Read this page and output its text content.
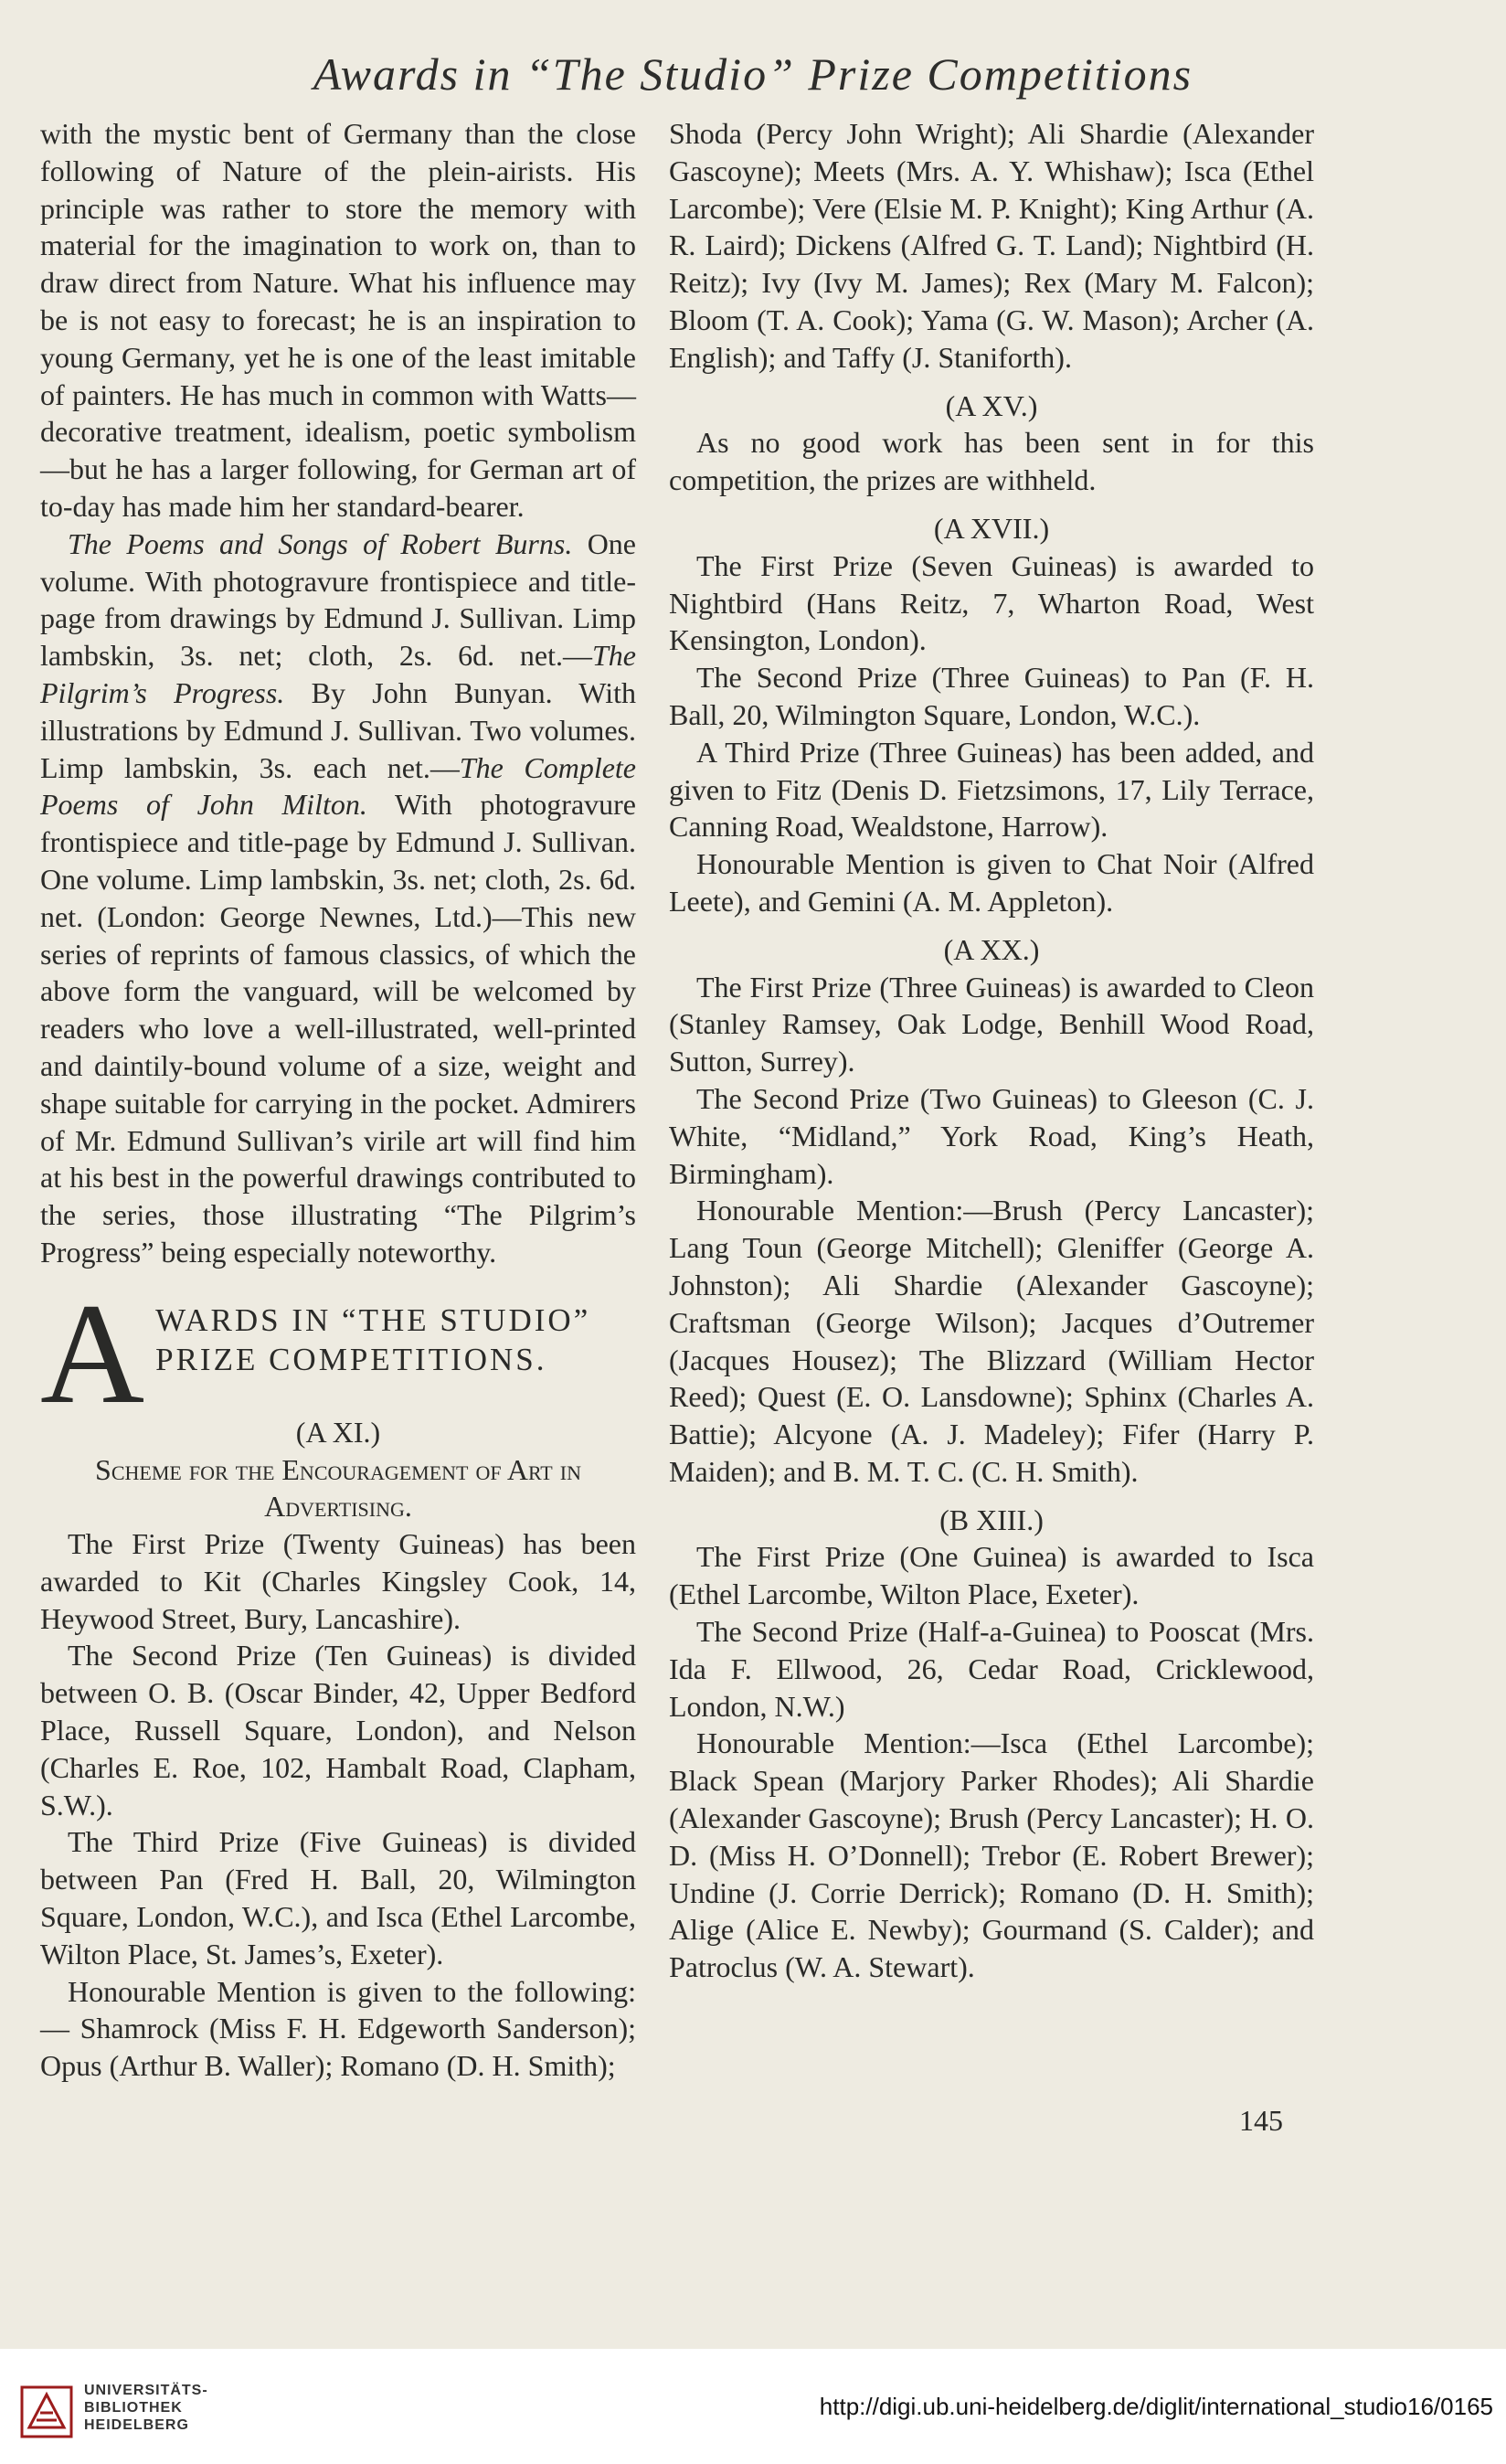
Awards in “The Studio” Prize Competitions

with the mystic bent of Germany than the close following of Nature of the plein-airists. His principle was rather to store the memory with material for the imagination to work on, than to draw direct from Nature. What his influence may be is not easy to forecast; he is an inspiration to young Germany, yet he is one of the least imitable of painters. He has much in common with Watts—decorative treatment, idealism, poetic symbolism—but he has a larger following, for German art of to-day has made him her standard-bearer.

The Poems and Songs of Robert Burns. One volume. With photogravure frontispiece and title-page from drawings by Edmund J. Sullivan. Limp lambskin, 3s. net; cloth, 2s. 6d. net.—The Pilgrim’s Progress. By John Bunyan. With illustrations by Edmund J. Sullivan. Two volumes. Limp lambskin, 3s. each net.—The Complete Poems of John Milton. With photogravure frontispiece and title-page by Edmund J. Sullivan. One volume. Limp lambskin, 3s. net; cloth, 2s. 6d. net. (London: George Newnes, Ltd.)—This new series of reprints of famous classics, of which the above form the vanguard, will be welcomed by readers who love a well-illustrated, well-printed and daintily-bound volume of a size, weight and shape suitable for carrying in the pocket. Admirers of Mr. Edmund Sullivan’s virile art will find him at his best in the powerful drawings contributed to the series, those illustrating “The Pilgrim’s Progress” being especially noteworthy.

A WARDS IN “THE STUDIO” PRIZE COMPETITIONS.

(A XI.)

Scheme for the Encouragement of Art in Advertising.

The First Prize (Twenty Guineas) has been awarded to Kit (Charles Kingsley Cook, 14, Heywood Street, Bury, Lancashire).

The Second Prize (Ten Guineas) is divided between O. B. (Oscar Binder, 42, Upper Bedford Place, Russell Square, London), and Nelson (Charles E. Roe, 102, Hambalt Road, Clapham, S.W.).

The Third Prize (Five Guineas) is divided between Pan (Fred H. Ball, 20, Wilmington Square, London, W.C.), and Isca (Ethel Larcombe, Wilton Place, St. James’s, Exeter).

Honourable Mention is given to the following:— Shamrock (Miss F. H. Edgeworth Sanderson); Opus (Arthur B. Waller); Romano (D. H. Smith);

Shoda (Percy John Wright); Ali Shardie (Alexander Gascoyne); Meets (Mrs. A. Y. Whishaw); Isca (Ethel Larcombe); Vere (Elsie M. P. Knight); King Arthur (A. R. Laird); Dickens (Alfred G. T. Land); Nightbird (H. Reitz); Ivy (Ivy M. James); Rex (Mary M. Falcon); Bloom (T. A. Cook); Yama (G. W. Mason); Archer (A. English); and Taffy (J. Staniforth).

(A XV.)

As no good work has been sent in for this competition, the prizes are withheld.

(A XVII.)

The First Prize (Seven Guineas) is awarded to Nightbird (Hans Reitz, 7, Wharton Road, West Kensington, London).

The Second Prize (Three Guineas) to Pan (F. H. Ball, 20, Wilmington Square, London, W.C.).

A Third Prize (Three Guineas) has been added, and given to Fitz (Denis D. Fietzsimons, 17, Lily Terrace, Canning Road, Wealdstone, Harrow).

Honourable Mention is given to Chat Noir (Alfred Leete), and Gemini (A. M. Appleton).

(A XX.)

The First Prize (Three Guineas) is awarded to Cleon (Stanley Ramsey, Oak Lodge, Benhill Wood Road, Sutton, Surrey).

The Second Prize (Two Guineas) to Gleeson (C. J. White, “Midland,” York Road, King’s Heath, Birmingham).

Honourable Mention:—Brush (Percy Lancaster); Lang Toun (George Mitchell); Gleniffer (George A. Johnston); Ali Shardie (Alexander Gascoyne); Craftsman (George Wilson); Jacques d’Outremer (Jacques Housez); The Blizzard (William Hector Reed); Quest (E. O. Lansdowne); Sphinx (Charles A. Battie); Alcyone (A. J. Madeley); Fifer (Harry P. Maiden); and B. M. T. C. (C. H. Smith).

(B XIII.)

The First Prize (One Guinea) is awarded to Isca (Ethel Larcombe, Wilton Place, Exeter).

The Second Prize (Half-a-Guinea) to Pooscat (Mrs. Ida F. Ellwood, 26, Cedar Road, Cricklewood, London, N.W.)

Honourable Mention:—Isca (Ethel Larcombe); Black Spean (Marjory Parker Rhodes); Ali Shardie (Alexander Gascoyne); Brush (Percy Lancaster); H. O. D. (Miss H. O’Donnell); Trebor (E. Robert Brewer); Undine (J. Corrie Derrick); Romano (D. H. Smith); Alige (Alice E. Newby); Gourmand (S. Calder); and Patroclus (W. A. Stewart).

145
UNIVERSITÄTS-
BIBLIOTHEK
HEIDELBERG
http://digi.ub.uni-heidelberg.de/diglit/international_studio16/0165
